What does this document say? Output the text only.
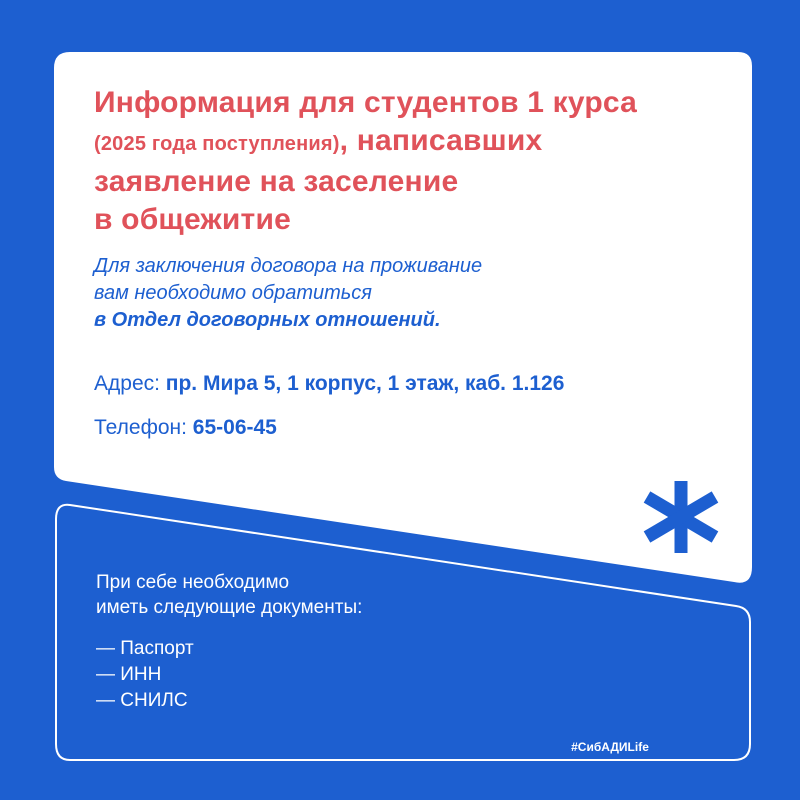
Информация для студентов 1 курса
(2025 года поступления), написавших
заявление на заселение
в общежитие

Для заключения договора на проживание
вам необходимо обратиться
в Отдел договорных отношений.
Адрес: пр. Мира 5, 1 корпус, 1 этаж, каб. 1.126
Телефон: 65-06-45
При себе необходимо
иметь следующие документы:
— Паспорт
— ИНН
— СНИЛС
#СибАДИLife
